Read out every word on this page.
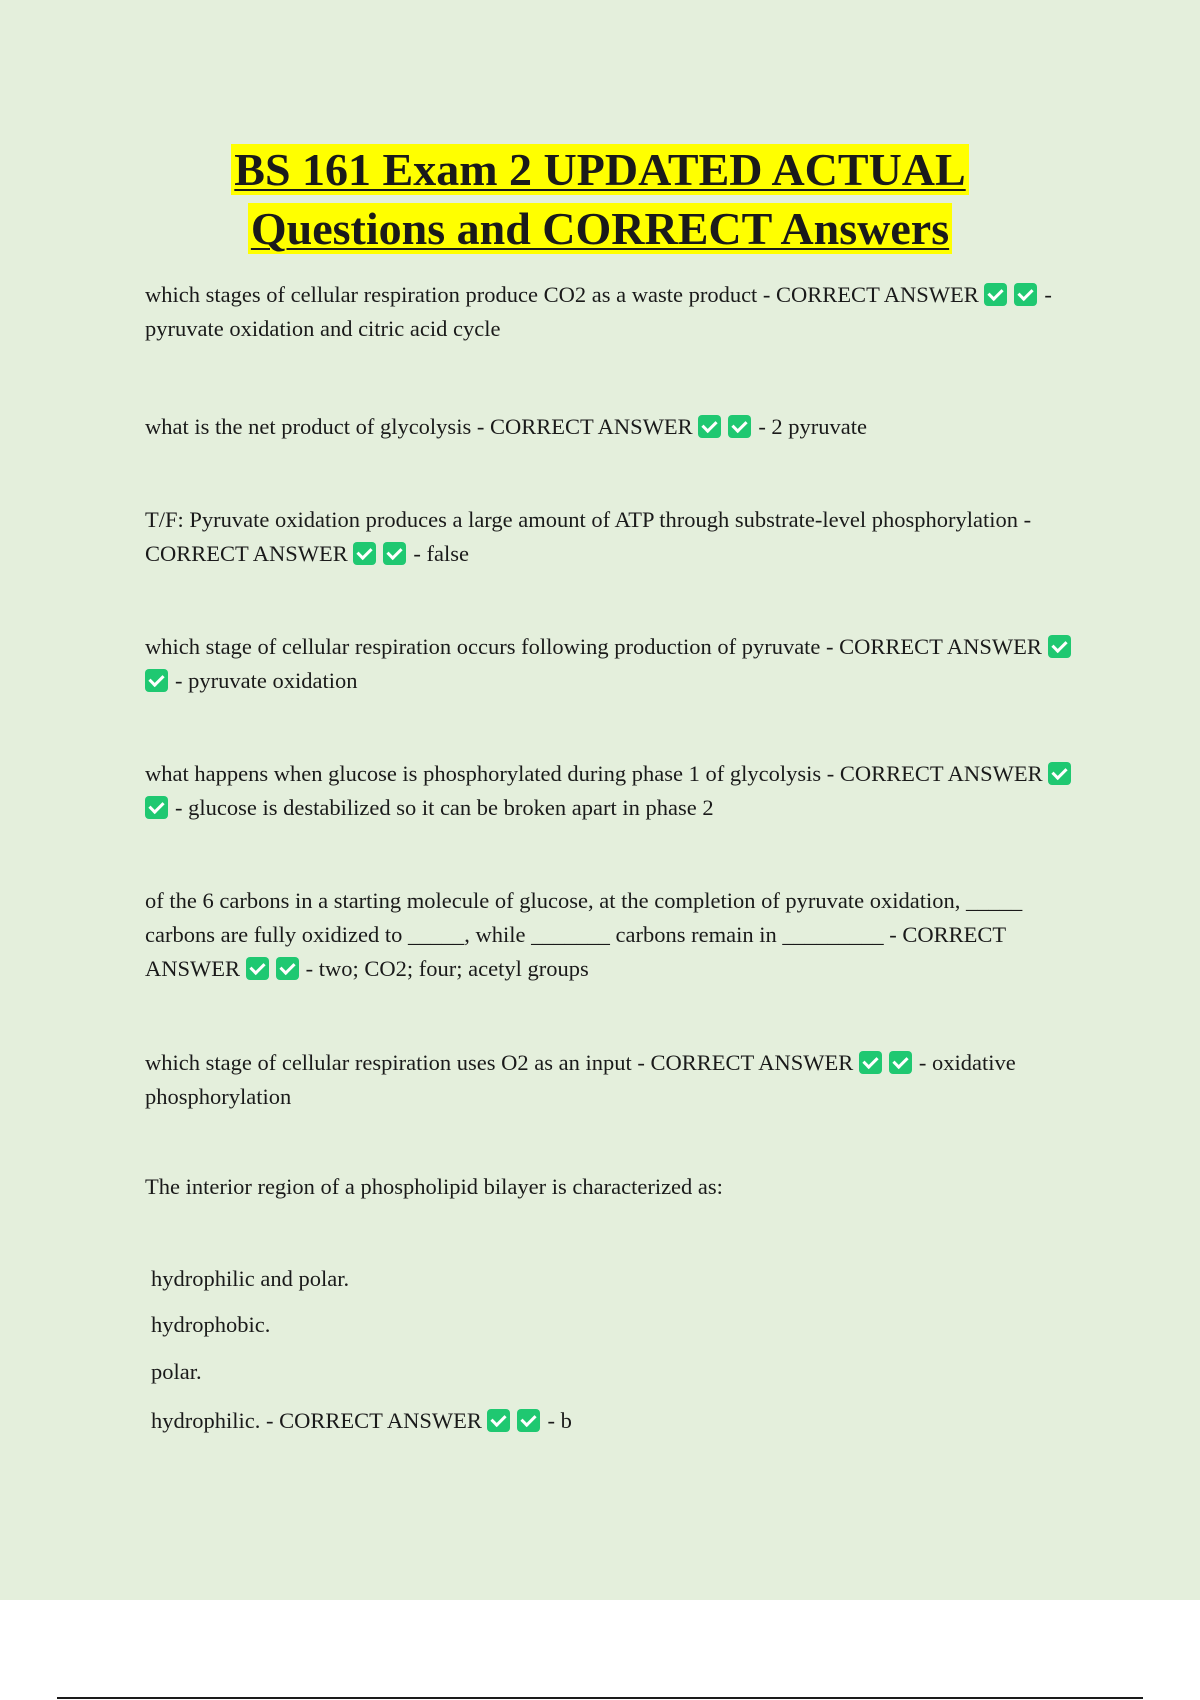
BS 161 Exam 2 UPDATED ACTUAL
Questions and CORRECT Answers
which stages of cellular respiration produce CO2 as a waste product - CORRECT ANSWER	- pyruvate oxidation and citric acid cycle
what is the net product of glycolysis - CORRECT ANSWER	- 2 pyruvate
T/F: Pyruvate oxidation produces a large amount of ATP through substrate-level phosphorylation - CORRECT ANSWER	- false
which stage of cellular respiration occurs following production of pyruvate - CORRECT ANSWER - pyruvate oxidation
what happens when glucose is phosphorylated during phase 1 of glycolysis - CORRECT ANSWER - glucose is destabilized so it can be broken apart in phase 2
of the 6 carbons in a starting molecule of glucose, at the completion of pyruvate oxidation, _____ carbons are fully oxidized to _____, while _______ carbons remain in _________ - CORRECT ANSWER	- two; CO2; four; acetyl groups
which stage of cellular respiration uses O2 as an input - CORRECT ANSWER	- oxidative phosphorylation
The interior region of a phospholipid bilayer is characterized as:
hydrophilic and polar.
hydrophobic.
polar.
hydrophilic. - CORRECT ANSWER	- b
